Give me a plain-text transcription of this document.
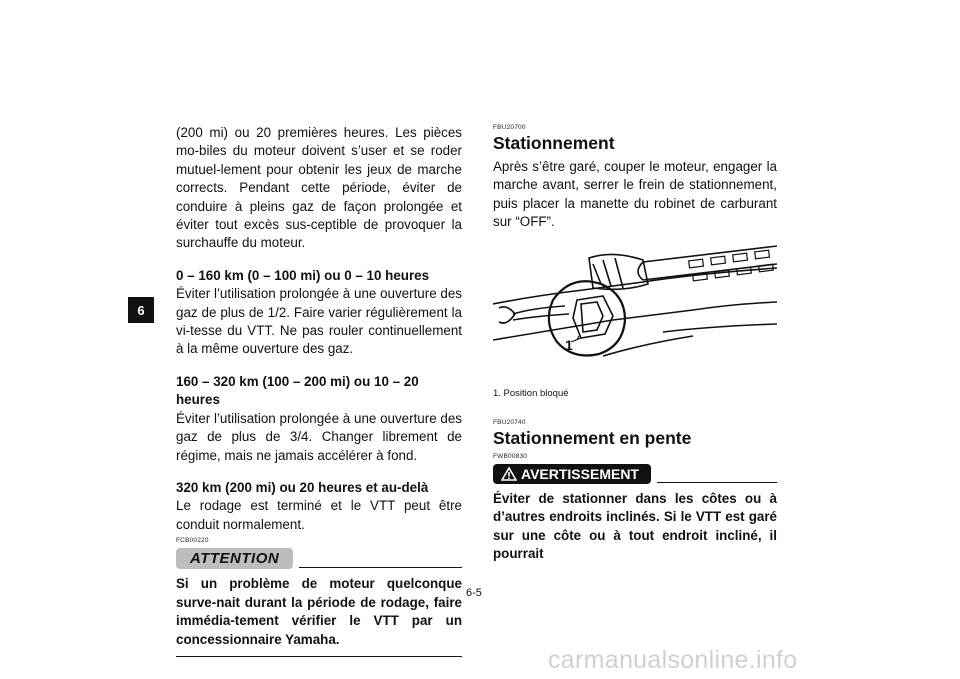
6

(200 mi) ou 20 premières heures. Les pièces mo-biles du moteur doivent s’user et se roder mutuel-lement pour obtenir les jeux de marche corrects. Pendant cette période, éviter de conduire à pleins gaz de façon prolongée et éviter tout excès sus-ceptible de provoquer la surchauffe du moteur.

0 – 160 km (0 – 100 mi) ou 0 – 10 heures

Éviter l’utilisation prolongée à une ouverture des gaz de plus de 1/2. Faire varier régulièrement la vi-tesse du VTT. Ne pas rouler continuellement à la même ouverture des gaz.

160 – 320 km (100 – 200 mi) ou 10 – 20 heures

Éviter l’utilisation prolongée à une ouverture des gaz de plus de 3/4. Changer librement de régime, mais ne jamais accélérer à fond.

320 km (200 mi) ou 20 heures et au-delà

Le rodage est terminé et le VTT peut être conduit normalement.

FCB00220

ATTENTION

Si un problème de moteur quelconque surve-nait durant la période de rodage, faire immédia-tement vérifier le VTT par un concessionnaire Yamaha.

FBU20700

Stationnement

Après s’être garé, couper le moteur, engager la marche avant, serrer le frein de stationnement, puis placer la manette du robinet de carburant sur “OFF”.

1

1. Position bloqué

FBU20740

Stationnement en pente

FWB00830

AVERTISSEMENT

Éviter de stationner dans les côtes ou à d’autres endroits inclinés. Si le VTT est garé sur une côte ou à tout endroit incliné, il pourrait

6-5
carmanualsonline.info
